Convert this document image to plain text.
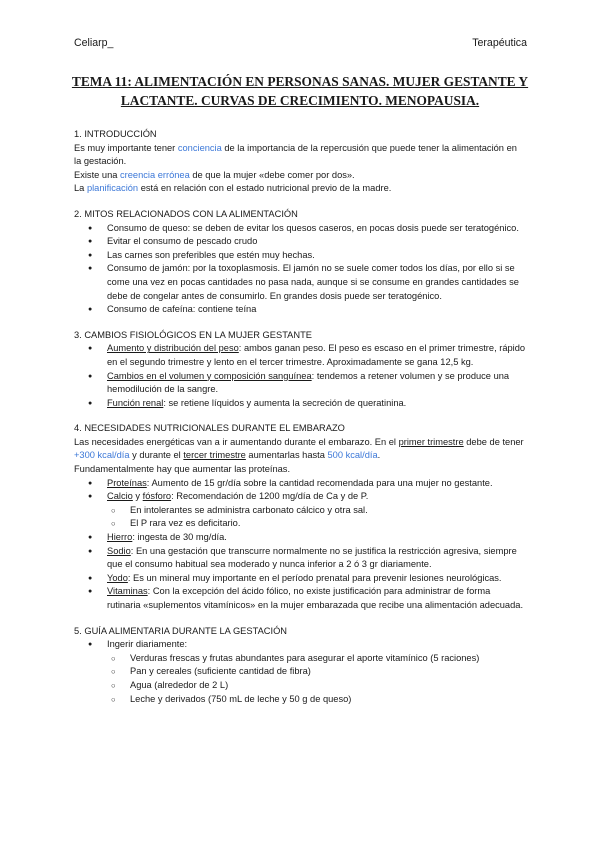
Celiarp_	Terapéutica
TEMA 11: ALIMENTACIÓN EN PERSONAS SANAS. MUJER GESTANTE Y LACTANTE. CURVAS DE CRECIMIENTO. MENOPAUSIA.

1. INTRODUCCIÓN

Es muy importante tener conciencia de la importancia de la repercusión que puede tener la alimentación en la gestación.

Existe una creencia errónea de que la mujer «debe comer por dos».

La planificación está en relación con el estado nutricional previo de la madre.

2. MITOS RELACIONADOS CON LA ALIMENTACIÓN

● Consumo de queso: se deben de evitar los quesos caseros, en pocas dosis puede ser teratogénico.
● Evitar el consumo de pescado crudo
● Las carnes son preferibles que estén muy hechas.
● Consumo de jamón: por la toxoplasmosis. El jamón no se suele comer todos los días, por ello si se come una vez en pocas cantidades no pasa nada, aunque si se consume en grandes cantidades se debe de congelar antes de consumirlo. En grandes dosis puede ser teratogénico.
● Consumo de cafeína: contiene teína

3. CAMBIOS FISIOLÓGICOS EN LA MUJER GESTANTE

● Aumento y distribución del peso: ambos ganan peso. El peso es escaso en el primer trimestre, rápido en el segundo trimestre y lento en el tercer trimestre. Aproximadamente se gana 12,5 kg.
● Cambios en el volumen y composición sanguínea: tendemos a retener volumen y se produce una hemodilución de la sangre.
● Función renal: se retiene líquidos y aumenta la secreción de queratinina.

4. NECESIDADES NUTRICIONALES DURANTE EL EMBARAZO

Las necesidades energéticas van a ir aumentando durante el embarazo. En el primer trimestre debe de tener +300 kcal/día y durante el tercer trimestre aumentarlas hasta 500 kcal/día.

Fundamentalmente hay que aumentar las proteínas.

● Proteínas: Aumento de 15 gr/día sobre la cantidad recomendada para una mujer no gestante.
● Calcio y fósforo: Recomendación de 1200 mg/día de Ca y de P.
○ En intolerantes se administra carbonato cálcico y otra sal.
○ El P rara vez es deficitario.
● Hierro: ingesta de 30 mg/día.
● Sodio: En una gestación que transcurre normalmente no se justifica la restricción agresiva, siempre que el consumo habitual sea moderado y nunca inferior a 2 ó 3 gr diariamente.
● Yodo: Es un mineral muy importante en el período prenatal para prevenir lesiones neurológicas.
● Vitaminas: Con la excepción del ácido fólico, no existe justificación para administrar de forma rutinaria «suplementos vitamínicos» en la mujer embarazada que recibe una alimentación adecuada.

5. GUÍA ALIMENTARIA DURANTE LA GESTACIÓN

● Ingerir diariamente:
○ Verduras frescas y frutas abundantes para asegurar el aporte vitamínico (5 raciones)
○ Pan y cereales (suficiente cantidad de fibra)
○ Agua (alrededor de 2 L)
○ Leche y derivados (750 mL de leche y 50 g de queso)
